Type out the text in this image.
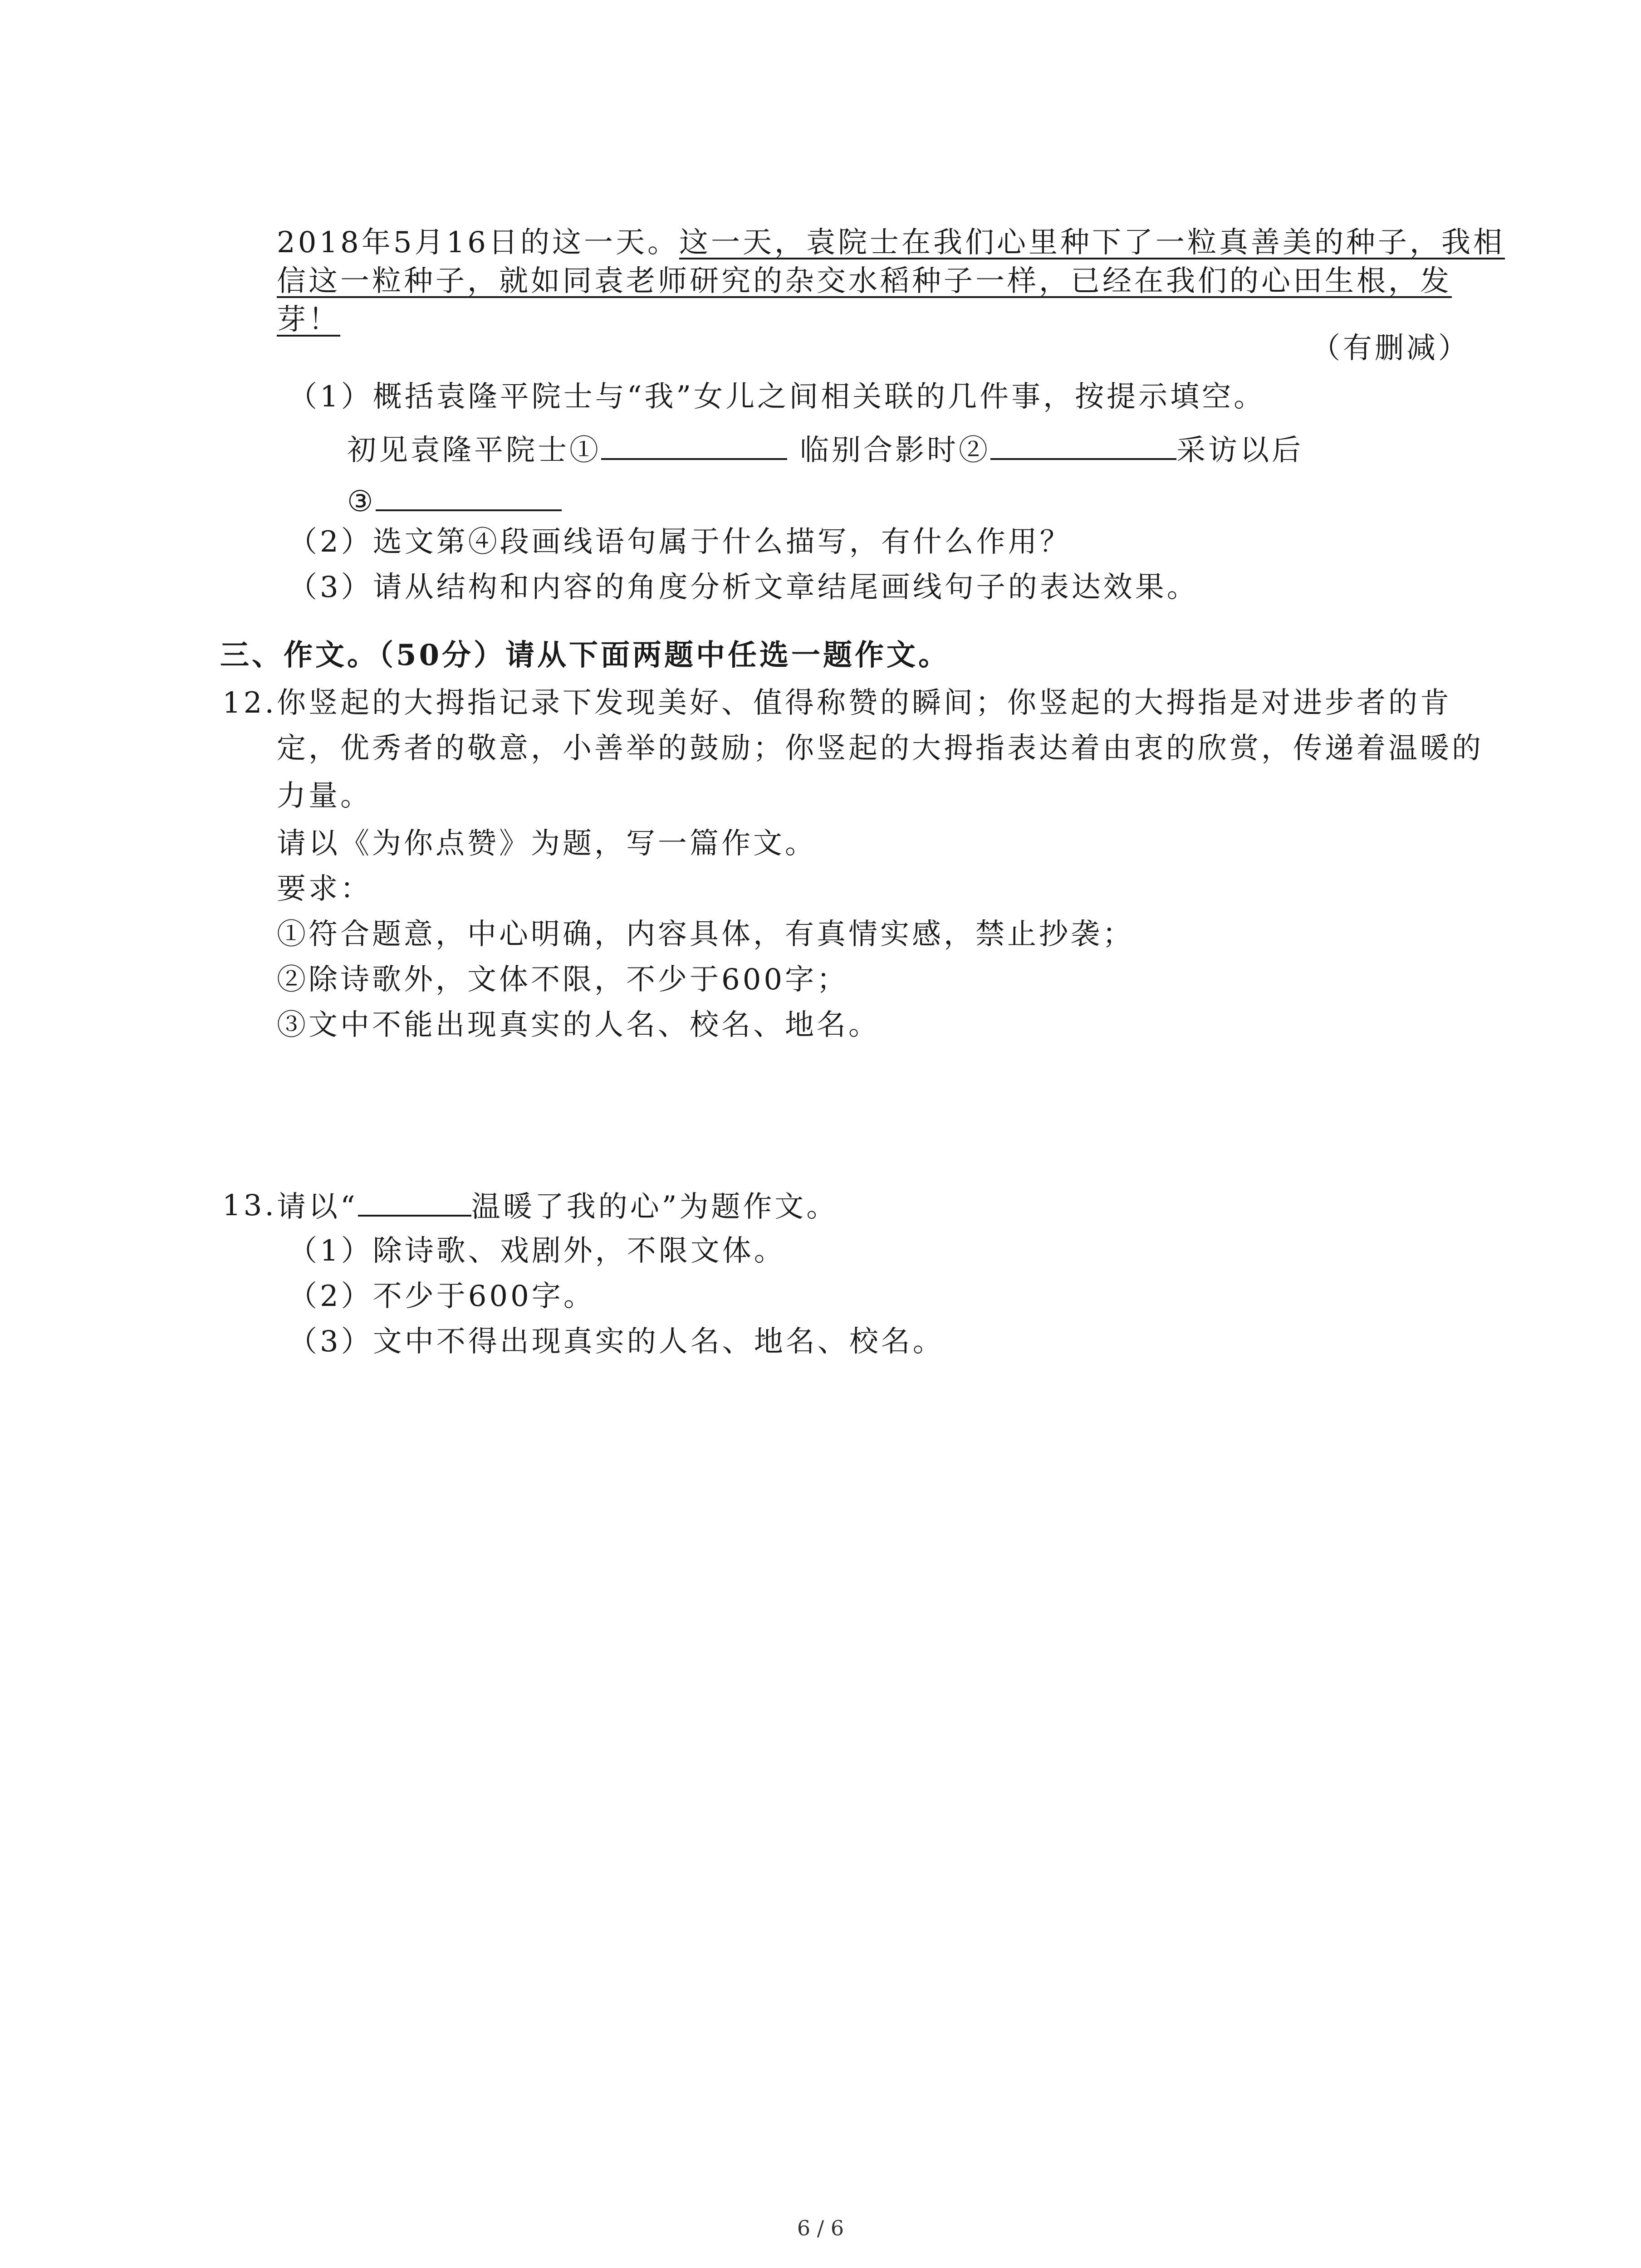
2018年5月16日的这一天。这一天，袁院士在我们心里种下了一粒真善美的种子，我相
信这一粒种子，就如同袁老师研究的杂交水稻种子一样，已经在我们的心田生根，发
芽！
（有删减）
（1）概括袁隆平院士与“我”女儿之间相关联的几件事，按提示填空。
初见袁隆平院士①	临别合影时②	采访以后
③
（2）选文第④段画线语句属于什么描写，有什么作用？
（3）请从结构和内容的角度分析文章结尾画线句子的表达效果。
三、作文。（50分）请从下面两题中任选一题作文。
12. 你竖起的大拇指记录下发现美好、值得称赞的瞬间；你竖起的大拇指是对进步者的肯
定，优秀者的敬意，小善举的鼓励；你竖起的大拇指表达着由衷的欣赏，传递着温暖的
力量。
请以《为你点赞》为题，写一篇作文。
要求：
①符合题意，中心明确，内容具体，有真情实感，禁止抄袭；
②除诗歌外，文体不限，不少于600字；
③文中不能出现真实的人名、校名、地名。
13. 请以“	温暖了我的心”为题作文。
（1）除诗歌、戏剧外，不限文体。
（2）不少于600字。
（3）文中不得出现真实的人名、地名、校名。
6 / 6
